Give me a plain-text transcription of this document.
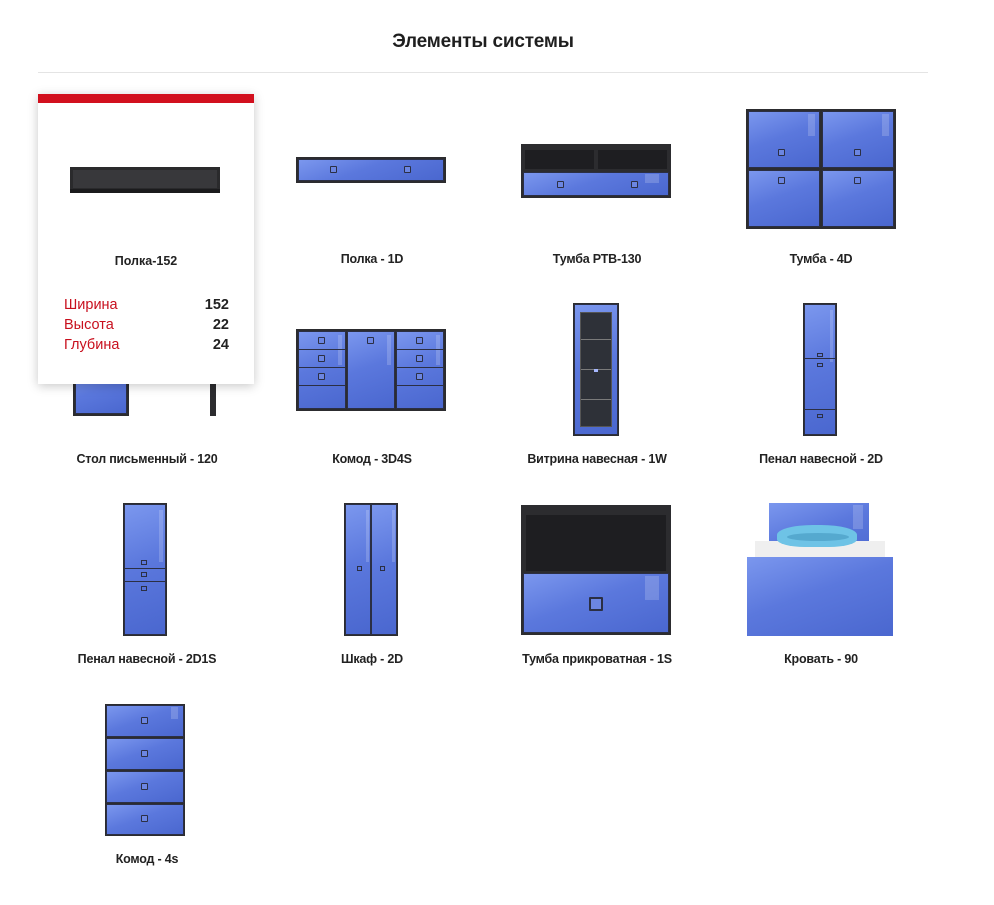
Элементы системы
Полка - 1D	Тумба РТВ-130	Тумба - 4D
Стол письменный - 120	Комод - 3D4S	Витрина навесная - 1W	Пенал навесной - 2D
Пенал навесной - 2D1S	Шкаф - 2D	Тумба прикроватная - 1S	Кровать - 90
Комод - 4s
Полка-152
Ширина	152
Высота	22
Глубина	24
